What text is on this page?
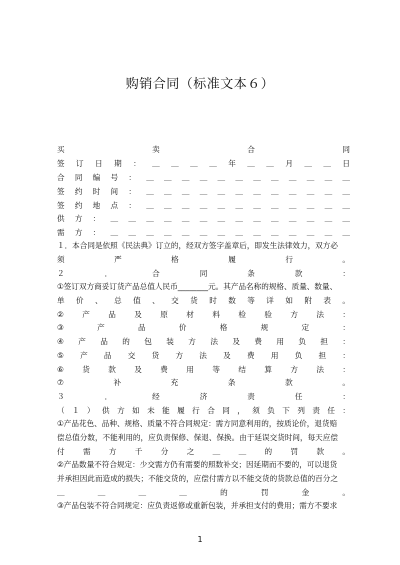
购销合同（标准文本６）
买 卖 合 同
签 订 日 期 ： ＿ ＿ ＿ ＿ 年 ＿ ＿ 月 ＿ ＿ 日
合 同 编 号 ： ＿ ＿ ＿ ＿ ＿ ＿ ＿ ＿ ＿ ＿ ＿ ＿
签 约 时 间 ： ＿ ＿ ＿ ＿ ＿ ＿ ＿ ＿ ＿ ＿ ＿ ＿
签 约 地 点 ： ＿ ＿ ＿ ＿ ＿ ＿ ＿ ＿ ＿ ＿ ＿ ＿
供 方 ： ＿ ＿ ＿ ＿ ＿ ＿ ＿ ＿ ＿ ＿ ＿ ＿ ＿ ＿
需 方 ： ＿ ＿ ＿ ＿ ＿ ＿ ＿ ＿ ＿ ＿ ＿ ＿ ＿ ＿
１．本合同是依照《民法典》订立的，经双方签字盖章后，即发生法律效力，双方必
须 严 格 履 行 。
２ ． 合 同 条 款 ：
①签订双方商妥订货产品总值人民币________元。其产品名称的规格、质量、数量、
单 价 、 总 值 、 交 货 时 数 等 详 如 附 表 。
② 产 品 及 原 材 料 检 验 方 法 ：
③ 产 品 价 格 规 定 ：
④ 产 品 的 包 装 方 法 及 费 用 负 担 ：
⑤ 产 品 交 货 方 法 及 费 用 负 担 ：
⑥ 货 款 及 费 用 等 结 算 方 法 ：
⑦ 补 充 条 款 。
３ ． 经 济 责 任 ：
（ １ ） 供 方 如 未 能 履 行 合 同 ， 须 负 下 列 责 任 ：
①产品花色、品种、规格、质量不符合同规定：需方同意利用的，按质论价，退货赔
偿总值分数，不能利用的，应负责保修、保退、保换。由于延误交货时间，每天应偿
付 需 方 千 分 之 ＿ ＿ 的 罚 款 。
②产品数量不符合规定：少交需方仍有需要的照数补交；因延期而不要的，可以退货
并承担因此而造成的损失；不能交货的，应偿付需方以不能交货的货款总值的百分之
＿ ＿ ＿ ＿ 的 罚 金 。
③产品包装不符合同规定：应负责返修或重新包装，并承担支付的费用；需方不要求
1
